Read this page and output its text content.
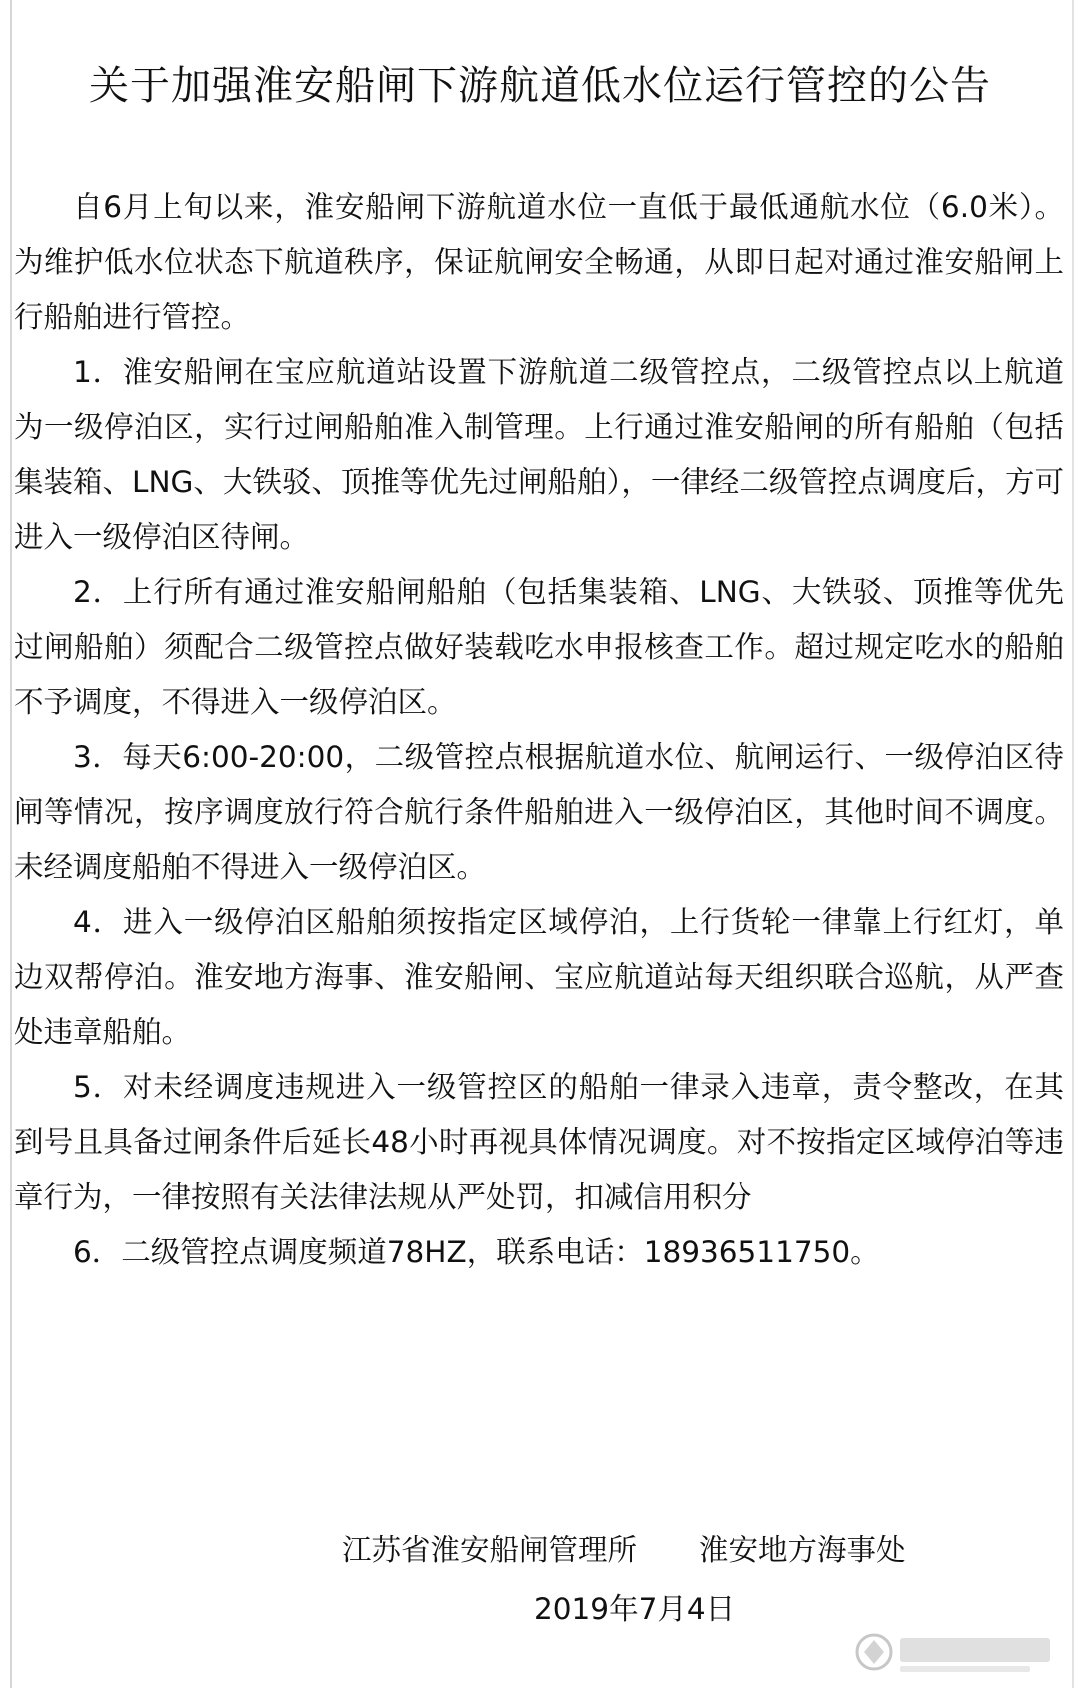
关于加强淮安船闸下游航道低水位运行管控的公告

自6月上旬以来，淮安船闸下游航道水位一直低于最低通航水位（6.0米）。为维护低水位状态下航道秩序，保证航闸安全畅通，从即日起对通过淮安船闸上行船舶进行管控。

1．淮安船闸在宝应航道站设置下游航道二级管控点，二级管控点以上航道为一级停泊区，实行过闸船舶准入制管理。上行通过淮安船闸的所有船舶（包括集装箱、LNG、大铁驳、顶推等优先过闸船舶），一律经二级管控点调度后，方可进入一级停泊区待闸。

2．上行所有通过淮安船闸船舶（包括集装箱、LNG、大铁驳、顶推等优先过闸船舶）须配合二级管控点做好装载吃水申报核查工作。超过规定吃水的船舶不予调度，不得进入一级停泊区。

3．每天6:00-20:00，二级管控点根据航道水位、航闸运行、一级停泊区待闸等情况，按序调度放行符合航行条件船舶进入一级停泊区，其他时间不调度。未经调度船舶不得进入一级停泊区。

4．进入一级停泊区船舶须按指定区域停泊，上行货轮一律靠上行红灯，单边双帮停泊。淮安地方海事、淮安船闸、宝应航道站每天组织联合巡航，从严查处违章船舶。

5．对未经调度违规进入一级管控区的船舶一律录入违章，责令整改，在其到号且具备过闸条件后延长48小时再视具体情况调度。对不按指定区域停泊等违章行为，一律按照有关法律法规从严处罚，扣减信用积分

6．二级管控点调度频道78HZ，联系电话：18936511750。

江苏省淮安船闸管理所 淮安地方海事处
2019年7月4日
